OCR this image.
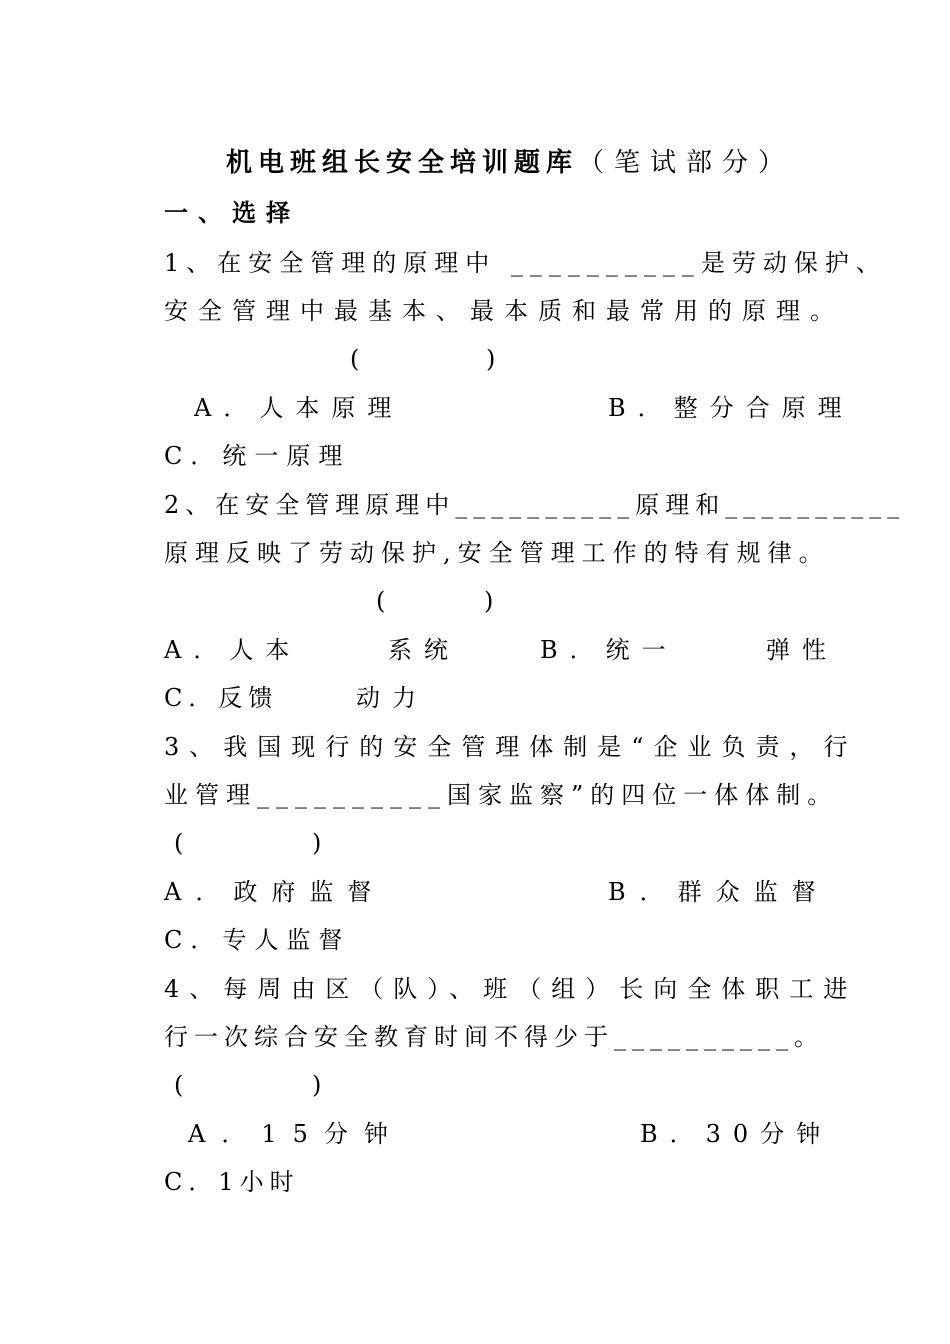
机电班组长安全培训题库（笔试部分）
一、选择
1、在安全管理的原理中 __________是劳动保护、
安全管理中最基本、最本质和最常用的原理。
(	)
A．人本原理	B．整分合原理
C．统一原理
2、在安全管理原理中__________原理和__________
原理反映了劳动保护,安全管理工作的特有规律。
(	)
A．人本	系统	B．统一	弹性
C．反馈	动力
3、我国现行的安全管理体制是“企业负责，行
业管理__________国家监察”的四位一体体制。
(	)
A．政府监督	B．群众监督
C．专人监督
4、每周由区（队）、班（组）长向全体职工进
行一次综合安全教育时间不得少于__________。
(	)
A．15分钟	B．30分钟
C．1小时
